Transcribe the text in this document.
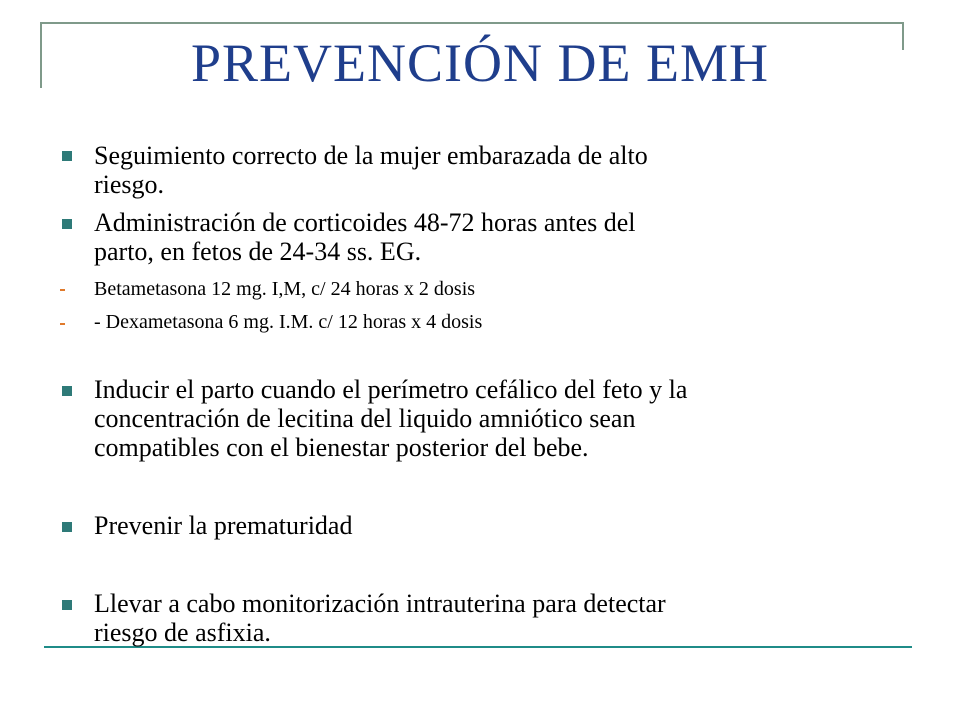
PREVENCIÓN DE EMH
Seguimiento correcto de la mujer embarazada de alto
riesgo.
Administración de corticoides 48-72 horas antes del
parto, en fetos de 24-34 ss. EG.
Betametasona 12 mg. I,M, c/ 24 horas x 2 dosis
- Dexametasona 6 mg. I.M. c/ 12 horas x 4 dosis
Inducir el parto cuando el perímetro cefálico del feto y la
concentración de lecitina del liquido amniótico sean
compatibles con el bienestar posterior del bebe.
Prevenir la prematuridad
Llevar a cabo monitorización intrauterina para detectar
riesgo de asfixia.
